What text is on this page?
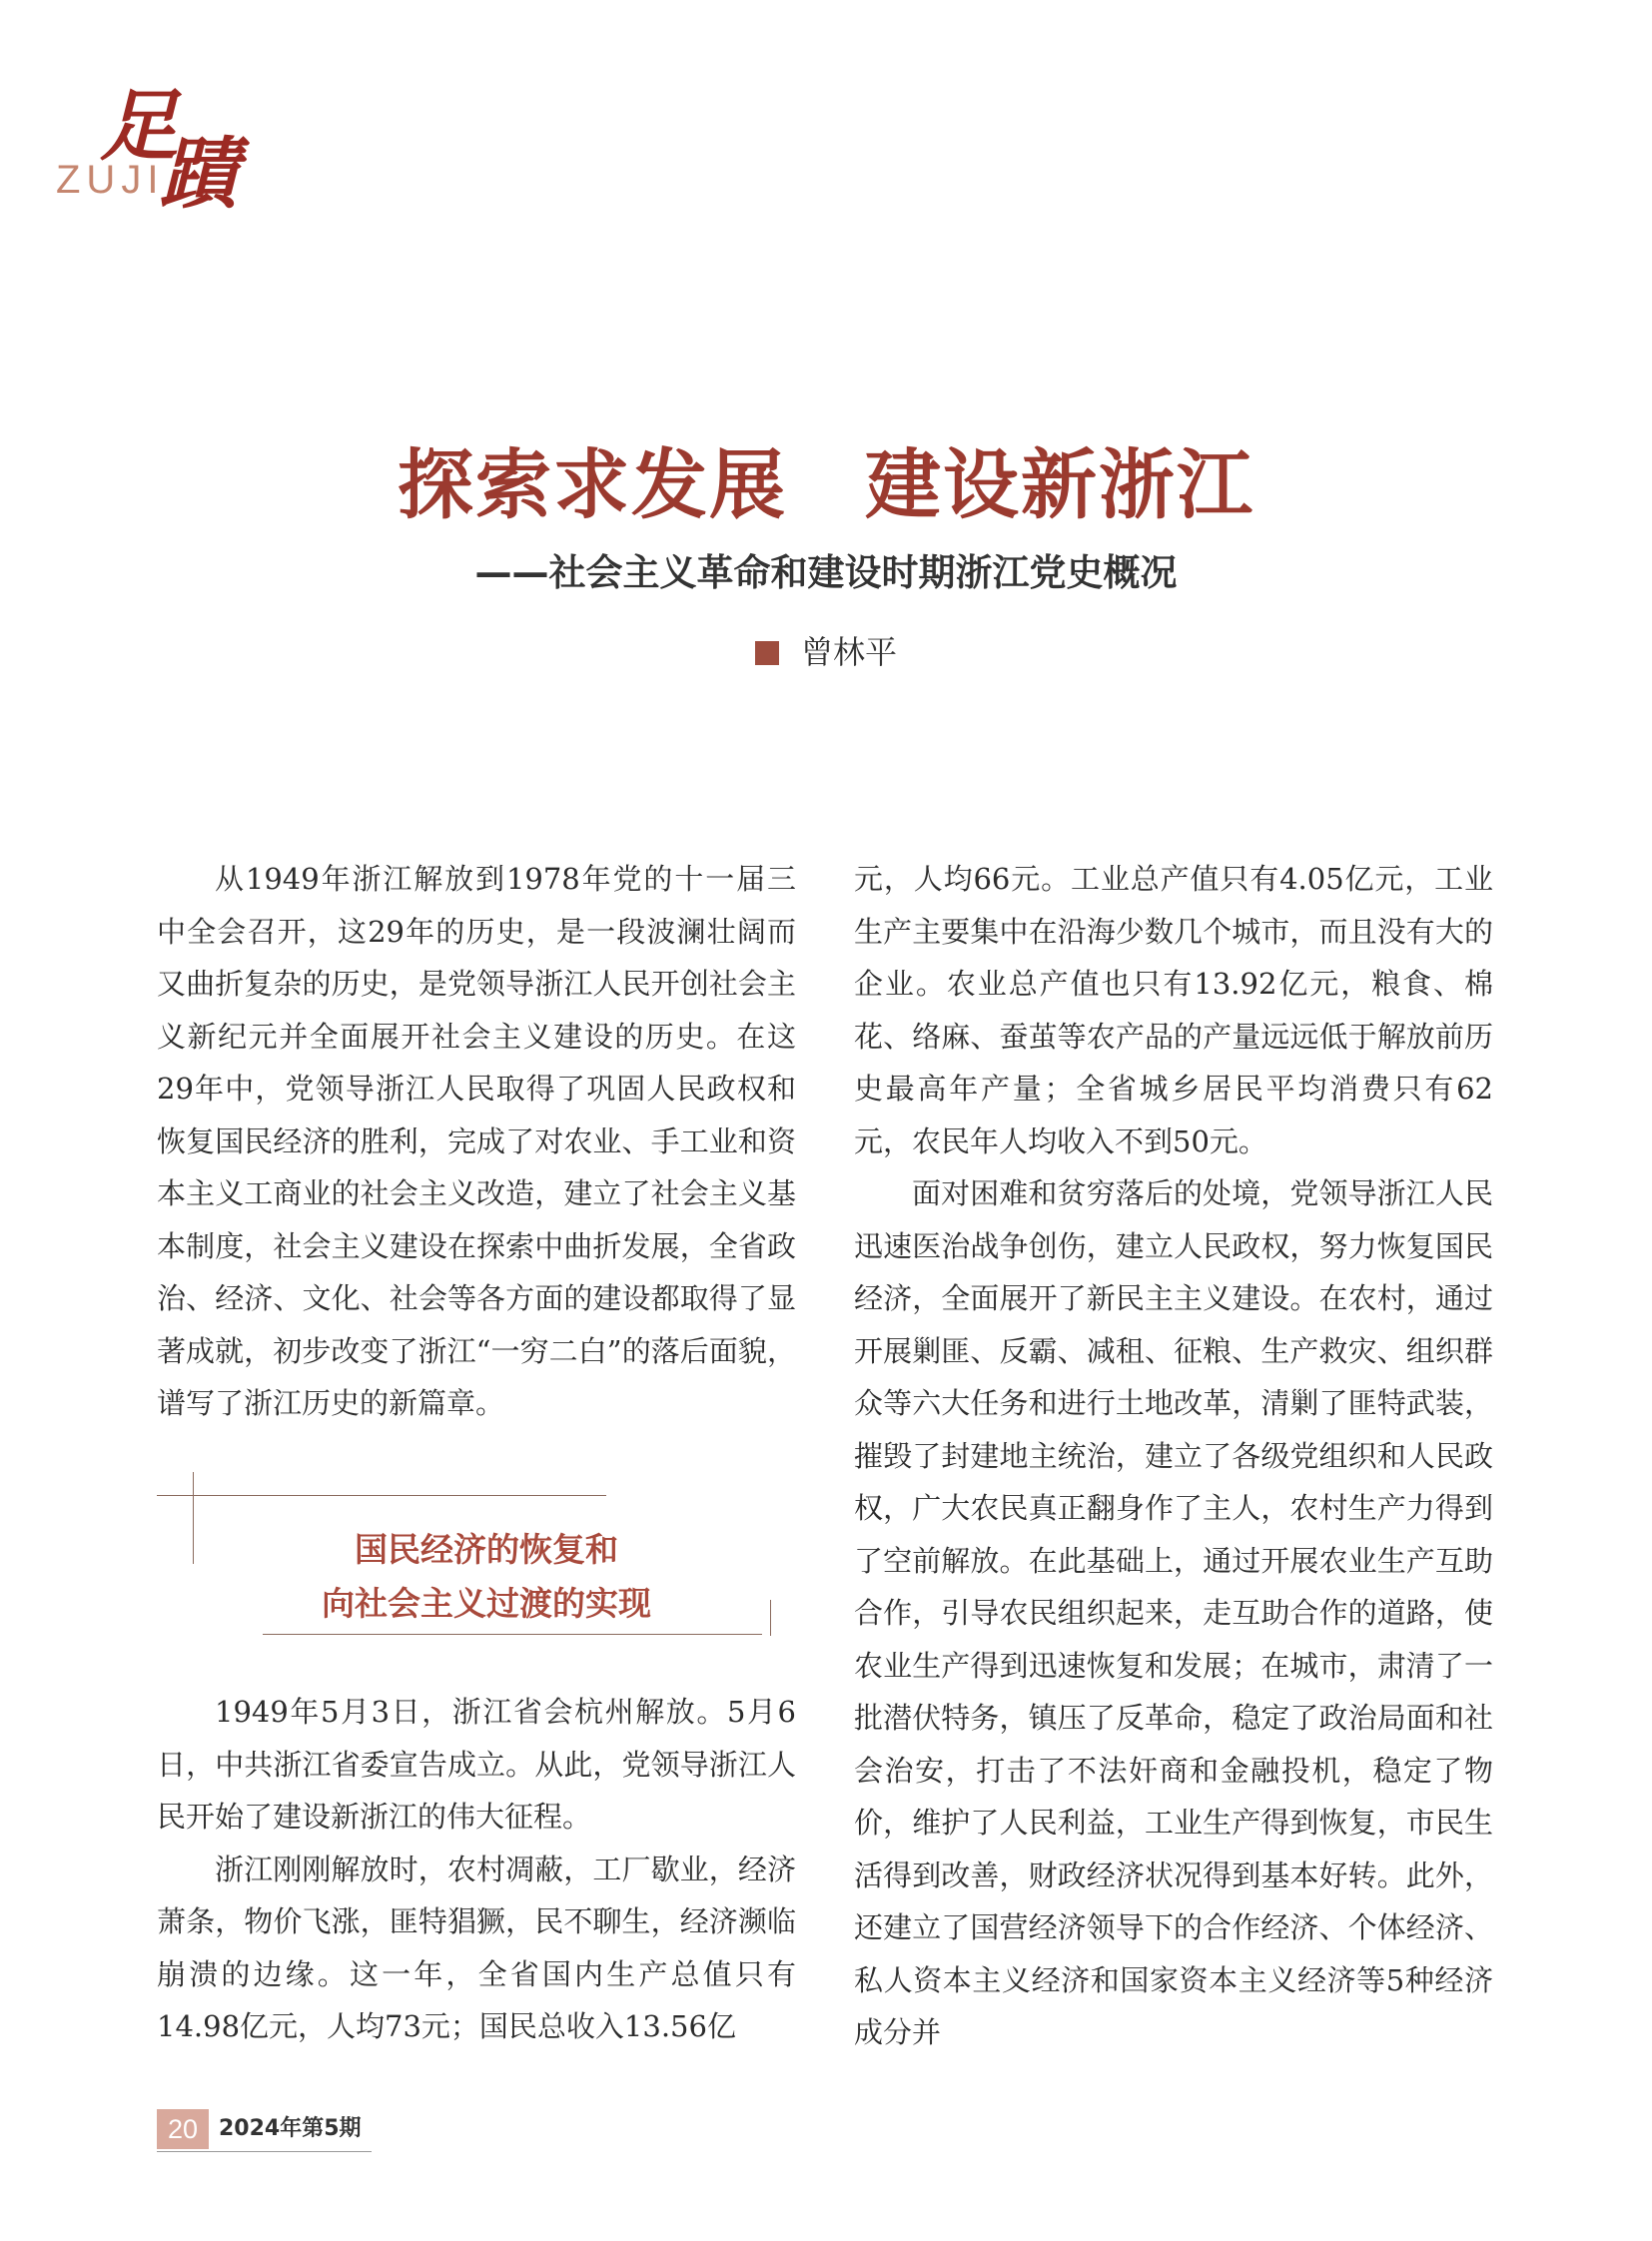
足
蹟
ZUJI
探索求发展　建设新浙江
——社会主义革命和建设时期浙江党史概况
曾林平

从1949年浙江解放到1978年党的十一届三中全会召开，这29年的历史，是一段波澜壮阔而又曲折复杂的历史，是党领导浙江人民开创社会主义新纪元并全面展开社会主义建设的历史。在这29年中，党领导浙江人民取得了巩固人民政权和恢复国民经济的胜利，完成了对农业、手工业和资本主义工商业的社会主义改造，建立了社会主义基本制度，社会主义建设在探索中曲折发展，全省政治、经济、文化、社会等各方面的建设都取得了显著成就，初步改变了浙江“一穷二白”的落后面貌，谱写了浙江历史的新篇章。

国民经济的恢复和
向社会主义过渡的实现

1949年5月3日，浙江省会杭州解放。5月6日，中共浙江省委宣告成立。从此，党领导浙江人民开始了建设新浙江的伟大征程。

浙江刚刚解放时，农村凋蔽，工厂歇业，经济萧条，物价飞涨，匪特猖獗，民不聊生，经济濒临崩溃的边缘。这一年，全省国内生产总值只有14.98亿元，人均73元；国民总收入13.56亿

元，人均66元。工业总产值只有4.05亿元，工业生产主要集中在沿海少数几个城市，而且没有大的企业。农业总产值也只有13.92亿元，粮食、棉花、络麻、蚕茧等农产品的产量远远低于解放前历史最高年产量；全省城乡居民平均消费只有62元，农民年人均收入不到50元。

面对困难和贫穷落后的处境，党领导浙江人民迅速医治战争创伤，建立人民政权，努力恢复国民经济，全面展开了新民主主义建设。在农村，通过开展剿匪、反霸、减租、征粮、生产救灾、组织群众等六大任务和进行土地改革，清剿了匪特武装，摧毁了封建地主统治，建立了各级党组织和人民政权，广大农民真正翻身作了主人，农村生产力得到了空前解放。在此基础上，通过开展农业生产互助合作，引导农民组织起来，走互助合作的道路，使农业生产得到迅速恢复和发展；在城市，肃清了一批潜伏特务，镇压了反革命，稳定了政治局面和社会治安，打击了不法奸商和金融投机，稳定了物价，维护了人民利益，工业生产得到恢复，市民生活得到改善，财政经济状况得到基本好转。此外，还建立了国营经济领导下的合作经济、个体经济、私人资本主义经济和国家资本主义经济等5种经济成分并

20 2024年第5期
